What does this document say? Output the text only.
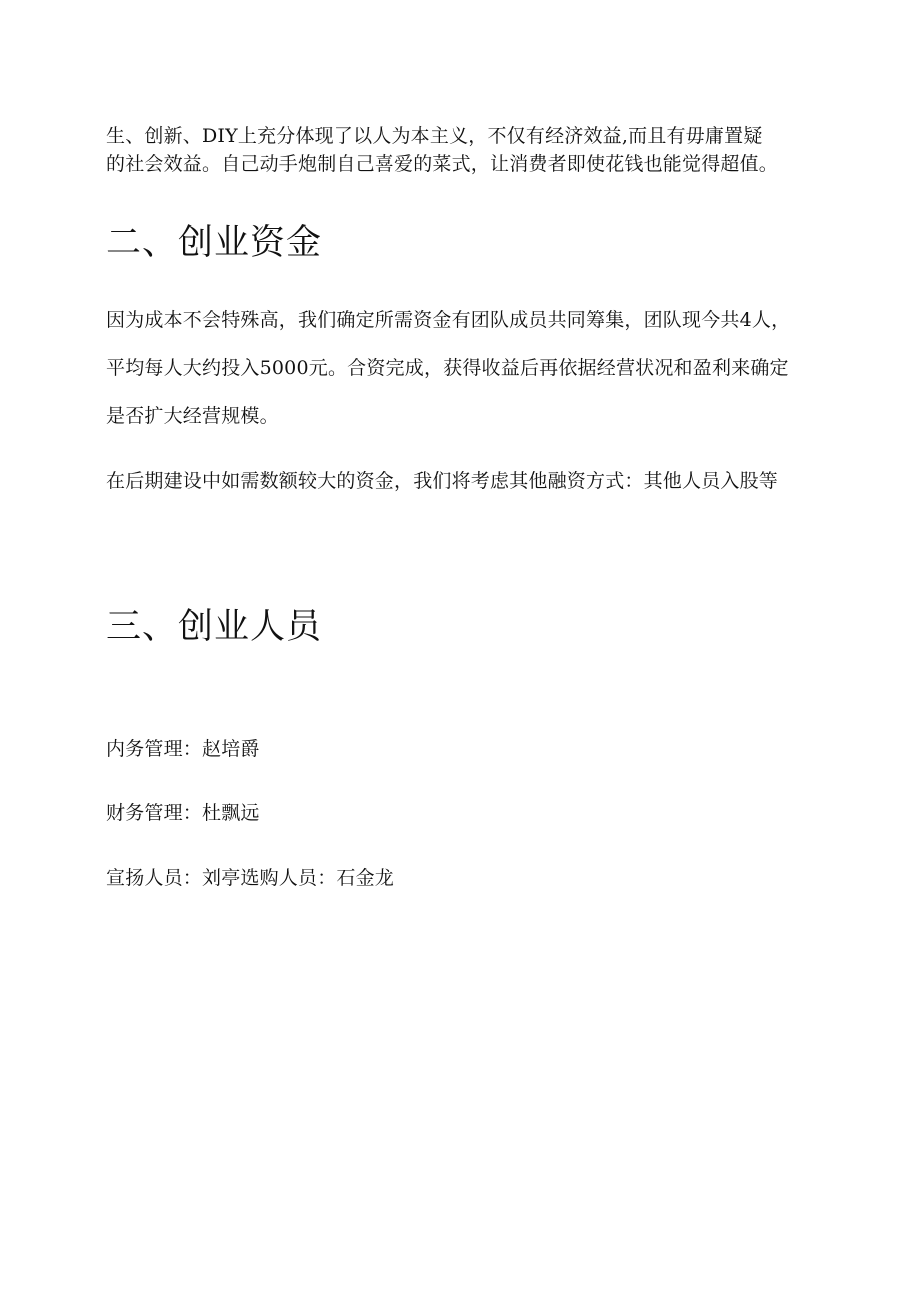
生、创新、DIY上充分体现了以人为本主义，不仅有经济效益,而且有毋庸置疑
的社会效益。自己动手炮制自己喜爱的菜式，让消费者即使花钱也能觉得超值。
二、创业资金
因为成本不会特殊高，我们确定所需资金有团队成员共同筹集，团队现今共4人，
平均每人大约投入5000元。合资完成，获得收益后再依据经营状况和盈利来确定
是否扩大经营规模。
在后期建设中如需数额较大的资金，我们将考虑其他融资方式：其他人员入股等
三、创业人员
内务管理：赵培爵
财务管理：杜飘远
宣扬人员：刘亭选购人员：石金龙
